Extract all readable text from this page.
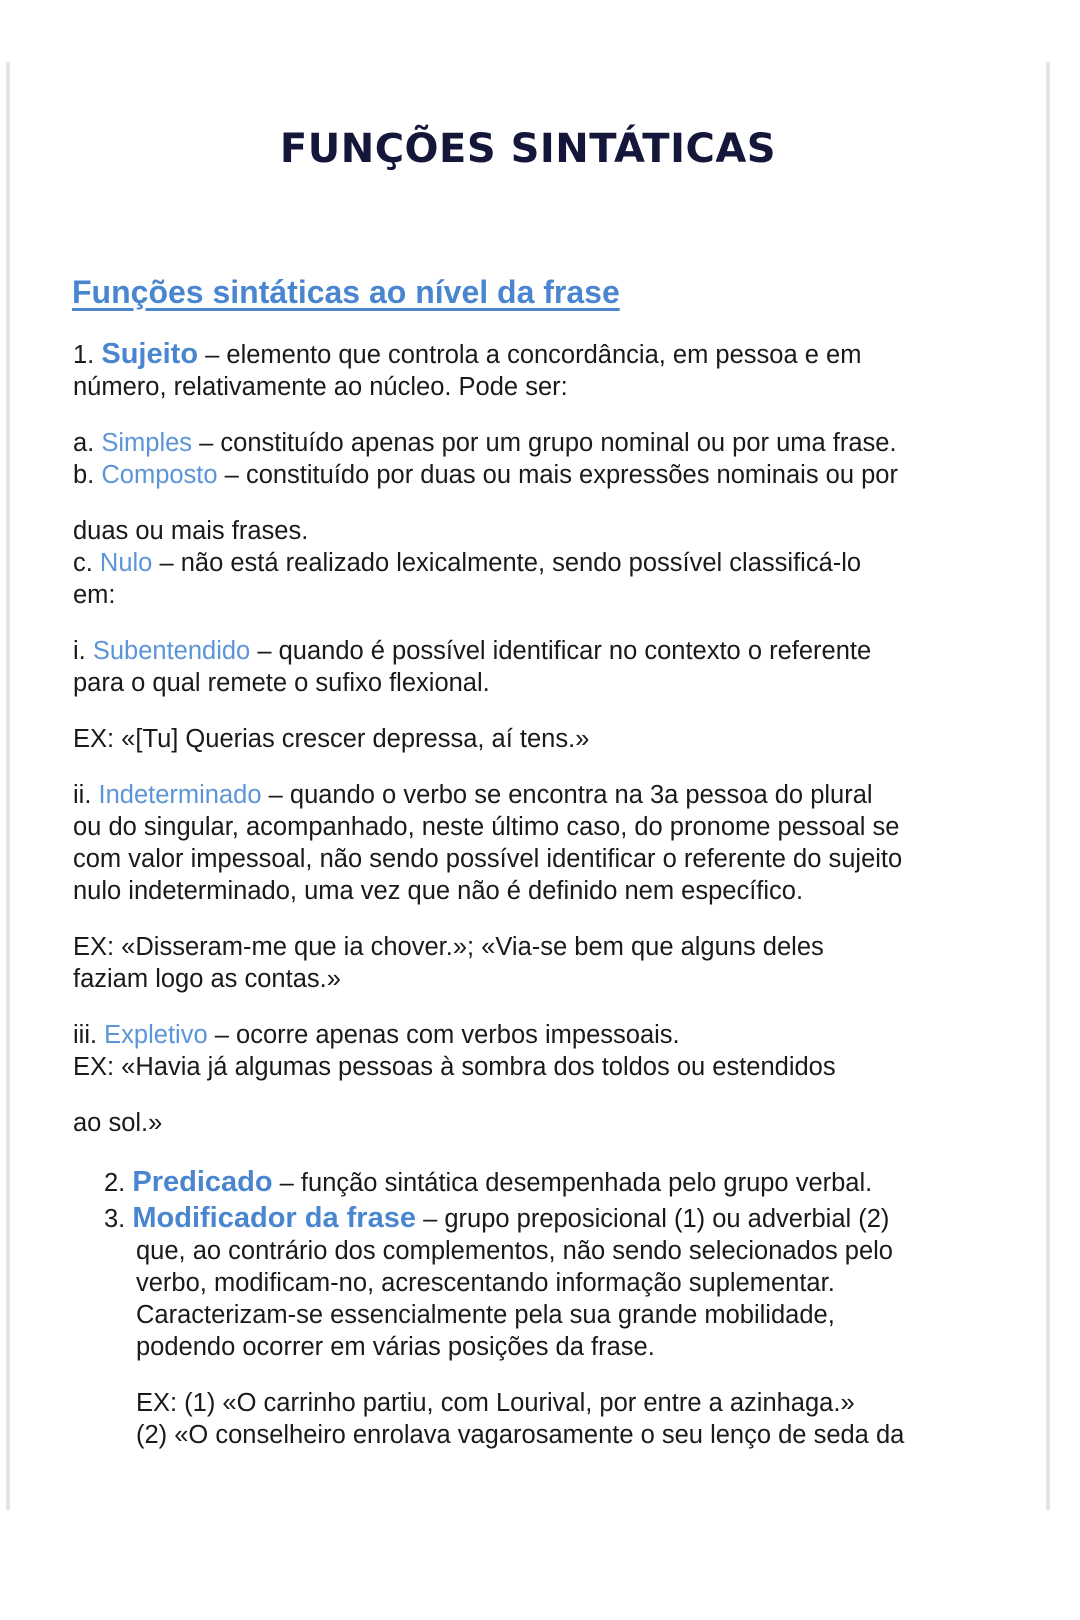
FUNÇÕES SINTÁTICAS
Funções sintáticas ao nível da frase
1. Sujeito – elemento que controla a concordância, em pessoa e em
número, relativamente ao núcleo. Pode ser:
a. Simples – constituído apenas por um grupo nominal ou por uma frase.
b. Composto – constituído por duas ou mais expressões nominais ou por
duas ou mais frases.
c. Nulo – não está realizado lexicalmente, sendo possível classificá-lo
em:
i. Subentendido – quando é possível identificar no contexto o referente
para o qual remete o sufixo flexional.
EX: «[Tu] Querias crescer depressa, aí tens.»
ii. Indeterminado – quando o verbo se encontra na 3a pessoa do plural
ou do singular, acompanhado, neste último caso, do pronome pessoal se
com valor impessoal, não sendo possível identificar o referente do sujeito
nulo indeterminado, uma vez que não é definido nem específico.
EX: «Disseram-me que ia chover.»; «Via-se bem que alguns deles
faziam logo as contas.»
iii. Expletivo – ocorre apenas com verbos impessoais.
EX: «Havia já algumas pessoas à sombra dos toldos ou estendidos
ao sol.»
2. Predicado – função sintática desempenhada pelo grupo verbal.
3. Modificador da frase – grupo preposicional (1) ou adverbial (2)
que, ao contrário dos complementos, não sendo selecionados pelo
verbo, modificam-no, acrescentando informação suplementar.
Caracterizam-se essencialmente pela sua grande mobilidade,
podendo ocorrer em várias posições da frase.
EX: (1) «O carrinho partiu, com Lourival, por entre a azinhaga.»
(2) «O conselheiro enrolava vagarosamente o seu lenço de seda da
